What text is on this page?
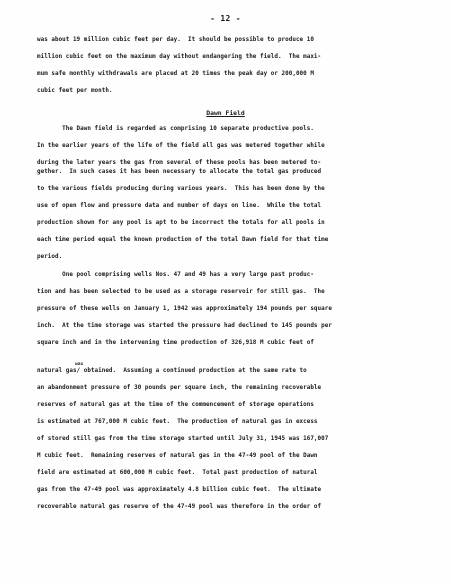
- 12 -
was about 19 million cubic feet per day.  It should be possible to produce 10
million cubic feet on the maximum day without endangering the field.  The maxi-
mum safe monthly withdrawals are placed at 20 times the peak day or 200,000 M
cubic feet per month.
Dawn Field
The Dawn field is regarded as comprising 10 separate productive pools.
In the earlier years of the life of the field all gas was metered together while
during the later years the gas from several of these pools has been metered to-
gether.  In such cases it has been necessary to allocate the total gas produced
to the various fields producing during various years.  This has been done by the
use of open flow and pressure data and number of days on line.  While the total
production shown for any pool is apt to be incorrect the totals for all pools in
each time period equal the known production of the total Dawn field for that time
period.
One pool comprising wells Nos. 47 and 49 has a very large past produc-
tion and has been selected to be used as a storage reservoir for still gas.  The
pressure of these wells on January 1, 1942 was approximately 194 pounds per square
inch.  At the time storage was started the pressure had declined to 145 pounds per
square inch and in the intervening time production of 326,918 M cubic feet of
was
natural gas/ obtained.  Assuming a continued production at the same rate to
an abandonment pressure of 30 pounds per square inch, the remaining recoverable
reserves of natural gas at the time of the commencement of storage operations
is estimated at 767,000 M cubic feet.  The production of natural gas in excess
of stored still gas from the time storage started until July 31, 1945 was 167,007
M cubic feet.  Remaining reserves of natural gas in the 47-49 pool of the Dawn
field are estimated at 600,000 M cubic feet.  Total past production of natural
gas from the 47-49 pool was approximately 4.8 billion cubic feet.  The ultimate
recoverable natural gas reserve of the 47-49 pool was therefore in the order of
